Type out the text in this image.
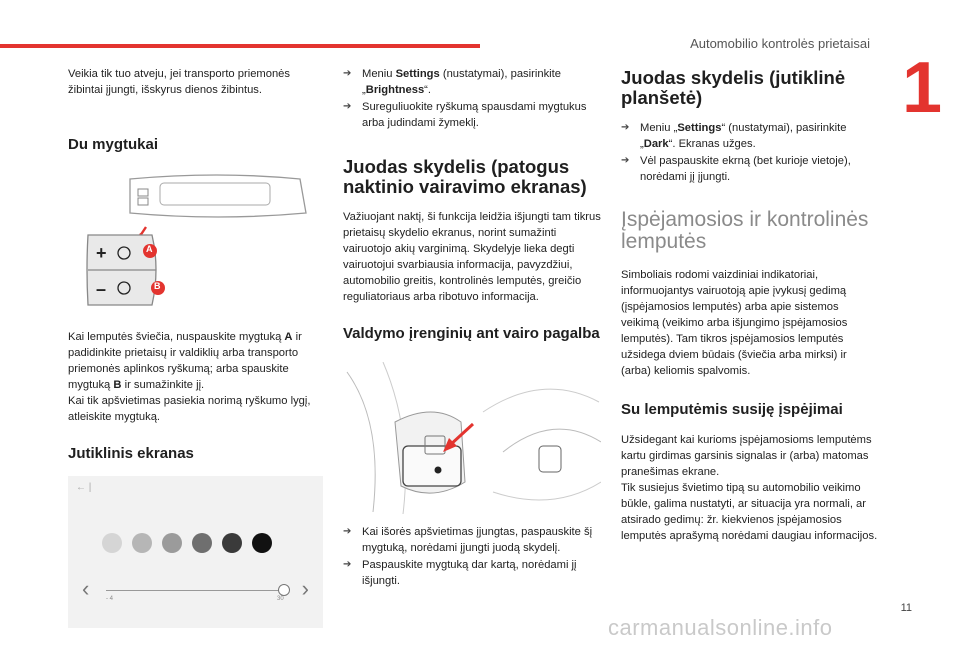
Automobilio kontrolės prietaisai
1

Veikia tik tuo atveju, jei transporto priemonės žibintai įjungti, išskyrus dienos žibintus.

Du mygtukai
+
–
A
B

Kai lemputės šviečia, nuspauskite mygtuką A ir padidinkite prietaisų ir valdiklių arba transporto priemonės aplinkos ryškumą; arba spauskite mygtuką B ir sumažinkite jį.

Kai tik apšvietimas pasiekia norimą ryškumo lygį, atleiskite mygtuką.

Jutiklinis ekranas
← |
‹	›
- 4	30
➔ Meniu Settings (nustatymai), pasirinkite „Brightness“.
➔ Sureguliuokite ryškumą spausdami mygtukus arba judindami žymeklį.
Juodas skydelis (patogus naktinio vairavimo ekranas)

Važiuojant naktį, ši funkcija leidžia išjungti tam tikrus prietaisų skydelio ekranus, norint sumažinti vairuotojo akių varginimą. Skydelyje lieka degti vairuotojui svarbiausia informacija, pavyzdžiui, automobilio greitis, kontrolinės lemputės, greičio reguliatoriaus arba ribotuvo informacija.

Valdymo įrenginių ant vairo pagalba
➔ Kai išorės apšvietimas įjungtas, paspauskite šį mygtuką, norėdami įjungti juodą skydelį.
➔ Paspauskite mygtuką dar kartą, norėdami jį išjungti.
Juodas skydelis (jutiklinė planšetė)
➔ Meniu „Settings“ (nustatymai), pasirinkite „Dark“. Ekranas užges.
➔ Vėl paspauskite ekrną (bet kurioje vietoje), norėdami jį įjungti.
Įspėjamosios ir kontrolinės lemputės

Simboliais rodomi vaizdiniai indikatoriai, informuojantys vairuotoją apie įvykusį gedimą (įspėjamosios lemputės) arba apie sistemos veikimą (veikimo arba išjungimo įspėjamosios lemputės). Tam tikros įspėjamosios lemputės užsidega dviem būdais (šviečia arba mirksi) ir (arba) keliomis spalvomis.

Su lemputėmis susiję įspėjimai

Užsidegant kai kurioms įspėjamosioms lemputėms kartu girdimas garsinis signalas ir (arba) matomas pranešimas ekrane.

Tik susiejus švietimo tipą su automobilio veikimo būkle, galima nustatyti, ar situacija yra normali, ar atsirado gedimų: žr. kiekvienos įspėjamosios lemputės aprašymą norėdami daugiau informacijos.

11
carmanualsonline.info
